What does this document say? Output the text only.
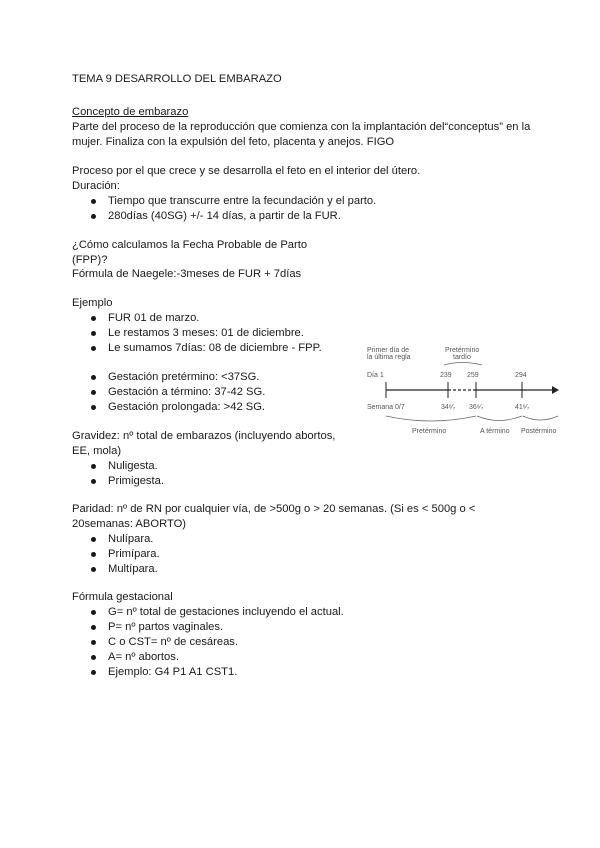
TEMA 9 DESARROLLO DEL EMBARAZO
Concepto de embarazo
Parte del proceso de la reproducción que comienza con la implantación del“conceptus” en la
mujer. Finaliza con la expulsión del feto, placenta y anejos. FIGO
Proceso por el que crece y se desarrolla el feto en el interior del útero.
Duración:
Tiempo que transcurre entre la fecundación y el parto.
280días (40SG) +/- 14 días, a partir de la FUR.
¿Cómo calculamos la Fecha Probable de Parto
(FPP)?
Fórmula de Naegele:-3meses de FUR + 7días
Ejemplo
FUR 01 de marzo.
Le restamos 3 meses: 01 de diciembre.
Le sumamos 7días: 08 de diciembre - FPP.
Gestación pretérmino: <37SG.
Gestación a término: 37-42 SG.
Gestación prolongada: >42 SG.
Gravidez: nº total de embarazos (incluyendo abortos,
EE, mola)
Nuligesta.
Primigesta.
Paridad: nº de RN por cualquier vía, de >500g o > 20 semanas. (Si es < 500g o <
20semanas: ABORTO)
Nulípara.
Primípara.
Multípara.
Fórmula gestacional
G= nº total de gestaciones incluyendo el actual.
P= nº partos vaginales.
C o CST= nº de cesáreas.
A= nº abortos.
Ejemplo: G4 P1 A1 CST1.
Primer día de
la última regla
Pretérmino
tardío
Día 1	239 259	294
Semana 0/7	34⁶⁄₇ 36⁶⁄₇	41⁶⁄₇
Pretérmino	A término Postérmino
